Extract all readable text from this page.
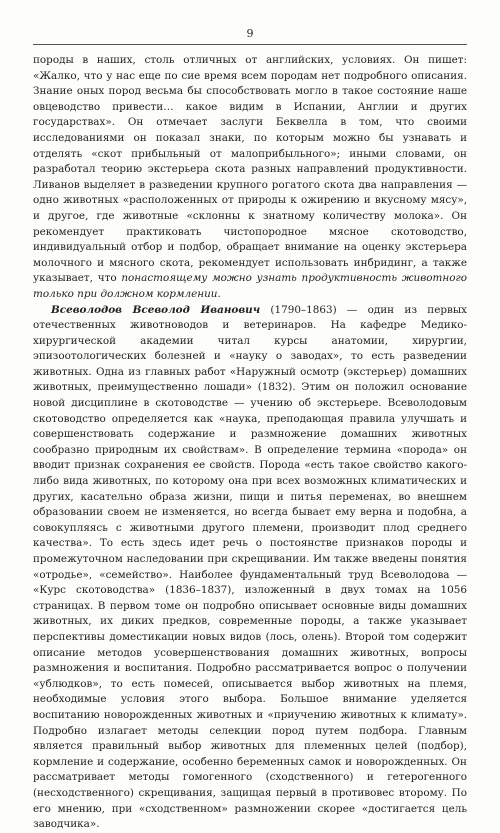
9

породы в наших, столь отличных от английских, условиях. Он пишет: «Жалко, что у нас еще по сие время всем породам нет подробного описания. Знание оных пород весьма бы способствовать могло в такое состояние наше овцеводство привести… какое видим в Испании, Англии и других государствах». Он отмечает заслуги Беквелла в том, что своими исследованиями он показал знаки, по которым можно бы узнавать и отделять «скот прибыльный от малоприбыльного»; иными словами, он разработал теорию экстерьера скота разных направлений продуктивности. Ливанов выделяет в разведении крупного рогатого скота два направления — одно животных «расположенных от природы к ожирению и вкусному мясу», и другое, где животные «склонны к знатному количеству молока». Он рекомендует практиковать чистопородное мясное скотоводство, индивидуальный отбор и подбор, обращает внимание на оценку экстерьера молочного и мясного скота, рекомендует использовать инбридинг, а также указывает, что понастоящему можно узнать продуктивность животного только при должном кормлении.

Всеволодов Всеволод Иванович (1790–1863) — один из первых отечественных животноводов и ветеринаров. На кафедре Медико-хирургической академии читал курсы анатомии, хирургии, эпизоотологических болезней и «науку о заводах», то есть разведении животных. Одна из главных работ «Наружный осмотр (экстерьер) домашних животных, преимущественно лошади» (1832). Этим он положил основание новой дисциплине в скотоводстве — учению об экстерьере. Всеволодовым скотоводство определяется как «наука, преподающая правила улучшать и совершенствовать содержание и размножение домашних животных сообразно природным их свойствам». В определение термина «порода» он вводит признак сохранения ее свойств. Порода «есть такое свойство какого-либо вида животных, по которому она при всех возможных климатических и других, касательно образа жизни, пищи и питья переменах, во внешнем образовании своем не изменяется, но всегда бывает ему верна и подобна, а совокупляясь с животными другого племени, производит плод среднего качества». То есть здесь идет речь о постоянстве признаков породы и промежуточном наследовании при скрещивании. Им также введены понятия «отродье», «семейство». Наиболее фундаментальный труд Всеволодова — «Курс скотоводства» (1836–1837), изложенный в двух томах на 1056 страницах. В первом томе он подробно описывает основные виды домашних животных, их диких предков, современные породы, а также указывает перспективы доместикации новых видов (лось, олень). Второй том содержит описание методов усовершенствования домашних животных, вопросы размножения и воспитания. Подробно рассматривается вопрос о получении «ублюдков», то есть помесей, описывается выбор животных на племя, необходимые условия этого выбора. Большое внимание уделяется воспитанию новорожденных животных и «приучению животных к климату». Подробно излагает методы селекции пород путем подбора. Главным является правильный выбор животных для племенных целей (подбор), кормление и содержание, особенно беременных самок и новорожденных. Он рассматривает методы гомогенного (сходственного) и гетерогенного (несходственного) скрещивания, защищая первый в противовес второму. По его мнению, при «сходственном» размножении скорее «достигается цель заводчика».
